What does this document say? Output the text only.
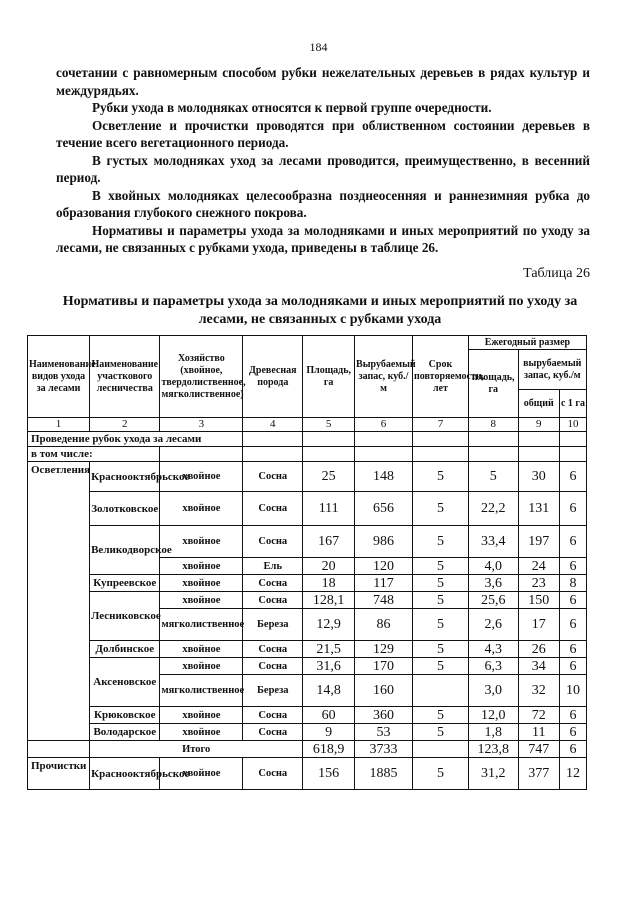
184

сочетании с равномерным способом рубки нежелательных деревьев в рядах культур и междурядьях.

Рубки ухода в молодняках относятся к первой группе очередности.

Осветление и прочистки проводятся при облиственном состоянии деревьев в течение всего вегетационного периода.

В густых молодняках уход за лесами проводится, преимущественно, в весенний период.

В хвойных молодняках целесообразна позднеосенняя и раннезимняя рубка до образования глубокого снежного покрова.

Нормативы и параметры ухода за молодняками и иных мероприятий по уходу за лесами, не связанных с рубками ухода, приведены в таблице 26.

Таблица 26
Нормативы и параметры ухода за молодняками и иных мероприятий по уходу за лесами, не связанных с рубками ухода
Наименование видов ухода за лесами	Наименование участкового лесничества	Хозяйство (хвойное, твердолиственное, мягколиственное)	Древесная порода	Площадь, га	Вырубаемый запас, куб./м	Срок повторяемости, лет	Ежегодный размер		
							площадь, га	вырубаемый запас, куб./м	
								общий	с 1 га
1	2	3	4	5	6	7	8	9	10
Проведение рубок ухода за лесами									
в том числе:									
Осветления	Краснооктябрьское	хвойное	Сосна	25	148	5	5	30	6
	Золотковское	хвойное	Сосна	111	656	5	22,2	131	6
	Великодворское	хвойное	Сосна	167	986	5	33,4	197	6
		хвойное	Ель	20	120	5	4,0	24	6
	Купреевское	хвойное	Сосна	18	117	5	3,6	23	8
	Лесниковское	хвойное	Сосна	128,1	748	5	25,6	150	6
		мягколиственное	Береза	12,9	86	5	2,6	17	6
	Долбинское	хвойное	Сосна	21,5	129	5	4,3	26	6
	Аксеновское	хвойное	Сосна	31,6	170	5	6,3	34	6
		мягколиственное	Береза	14,8	160		3,0	32	10
	Крюковское	хвойное	Сосна	60	360	5	12,0	72	6
	Володарское	хвойное	Сосна	9	53	5	1,8	11	6
	Итого			618,9	3733		123,8	747	6
Прочистки	Краснооктябрьское	хвойное	Сосна	156	1885	5	31,2	377	12
